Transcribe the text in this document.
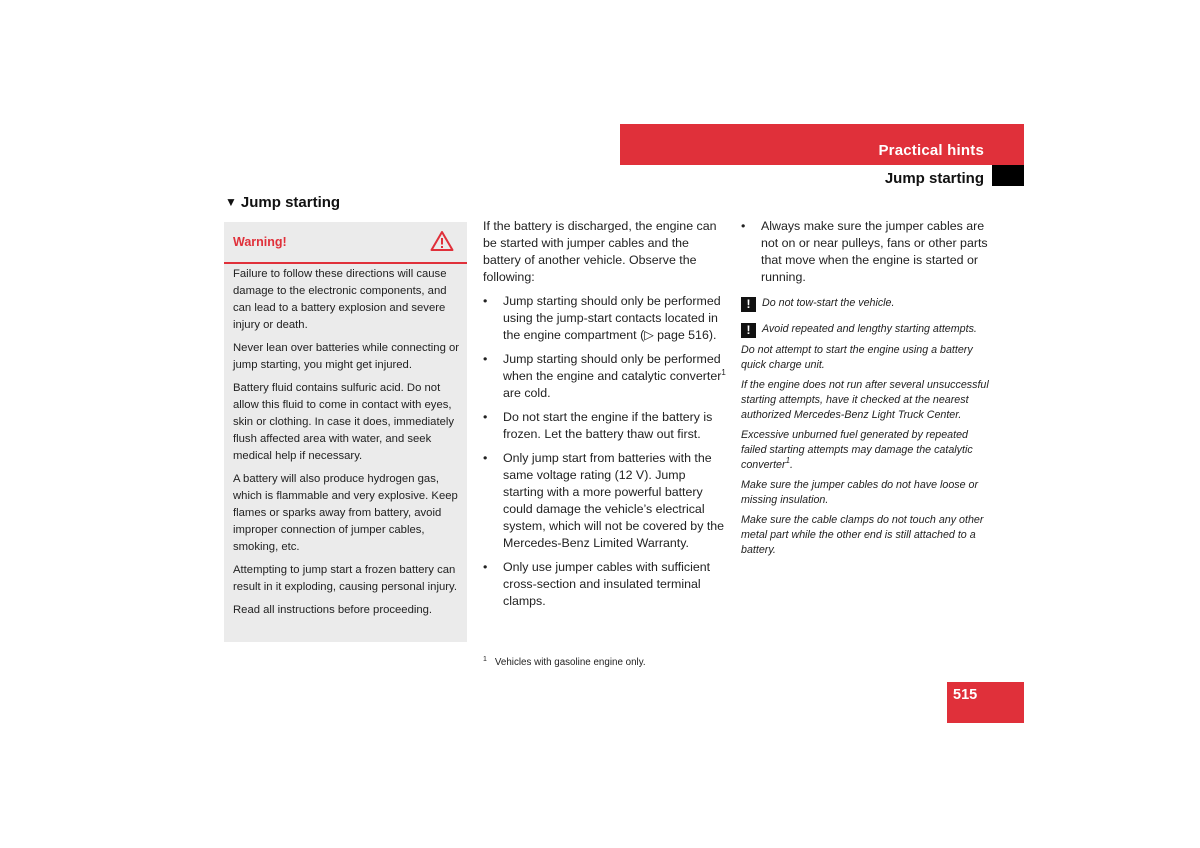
Practical hints
Jump starting
▼ Jump starting
Warning!

Failure to follow these directions will cause damage to the electronic components, and can lead to a battery explosion and severe injury or death.

Never lean over batteries while connecting or jump starting, you might get injured.

Battery fluid contains sulfuric acid. Do not allow this fluid to come in contact with eyes, skin or clothing. In case it does, immediately flush affected area with water, and seek medical help if necessary.

A battery will also produce hydrogen gas, which is flammable and very explosive. Keep flames or sparks away from battery, avoid improper connection of jumper cables, smoking, etc.

Attempting to jump start a frozen battery can result in it exploding, causing personal injury.

Read all instructions before proceeding.

If the battery is discharged, the engine can be started with jumper cables and the battery of another vehicle. Observe the following:

• Jump starting should only be performed using the jump-start contacts located in the engine compartment (▷ page 516).
• Jump starting should only be performed when the engine and catalytic converter$^1$ are cold.
• Do not start the engine if the battery is frozen. Let the battery thaw out first.
• Only jump start from batteries with the same voltage rating (12 V). Jump starting with a more powerful battery could damage the vehicle’s electrical system, which will not be covered by the Mercedes-Benz Limited Warranty.
• Only use jumper cables with sufficient cross-section and insulated terminal clamps.
• Always make sure the jumper cables are not on or near pulleys, fans or other parts that move when the engine is started or running.

! Do not tow-start the vehicle.

! Avoid repeated and lengthy starting attempts.

Do not attempt to start the engine using a battery quick charge unit.

If the engine does not run after several unsuccessful starting attempts, have it checked at the nearest authorized Mercedes-Benz Light Truck Center.

Excessive unburned fuel generated by repeated failed starting attempts may damage the catalytic converter$^1$.

Make sure the jumper cables do not have loose or missing insulation.

Make sure the cable clamps do not touch any other metal part while the other end is still attached to a battery.

$^1$ Vehicles with gasoline engine only.
515
